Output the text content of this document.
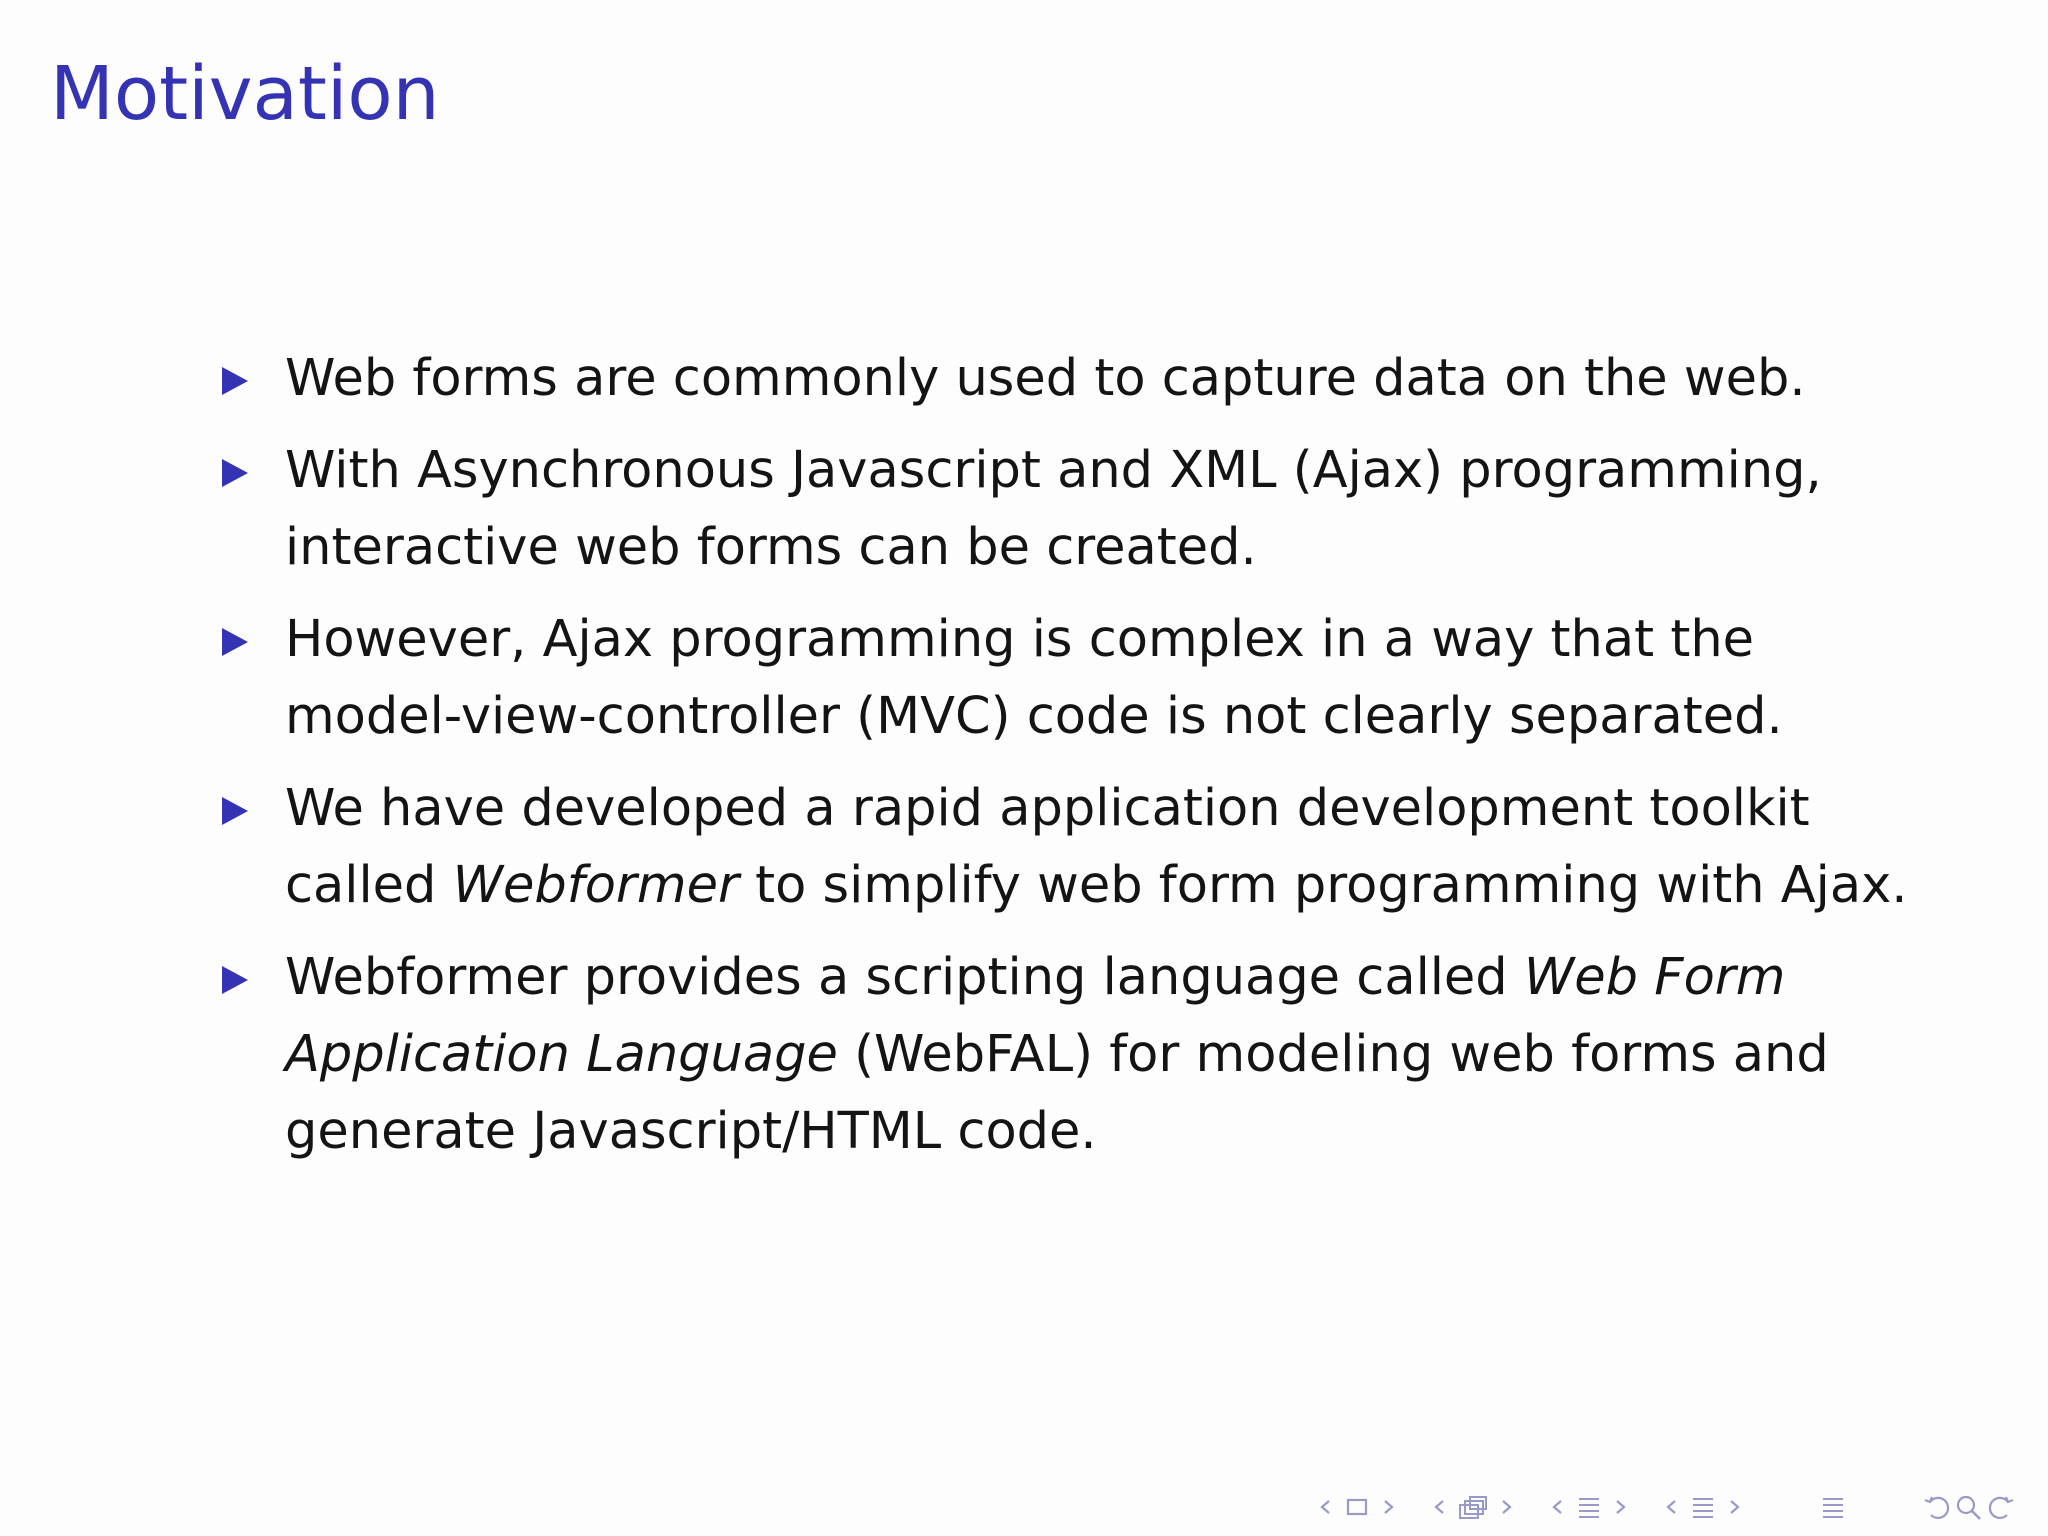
Motivation
Web forms are commonly used to capture data on the web.
With Asynchronous Javascript and XML (Ajax) programming, interactive web forms can be created.
However, Ajax programming is complex in a way that the model-view-controller (MVC) code is not clearly separated.
We have developed a rapid application development toolkit called Webformer to simplify web form programming with Ajax.
Webformer provides a scripting language called Web Form Application Language (WebFAL) for modeling web forms and generate Javascript/HTML code.
